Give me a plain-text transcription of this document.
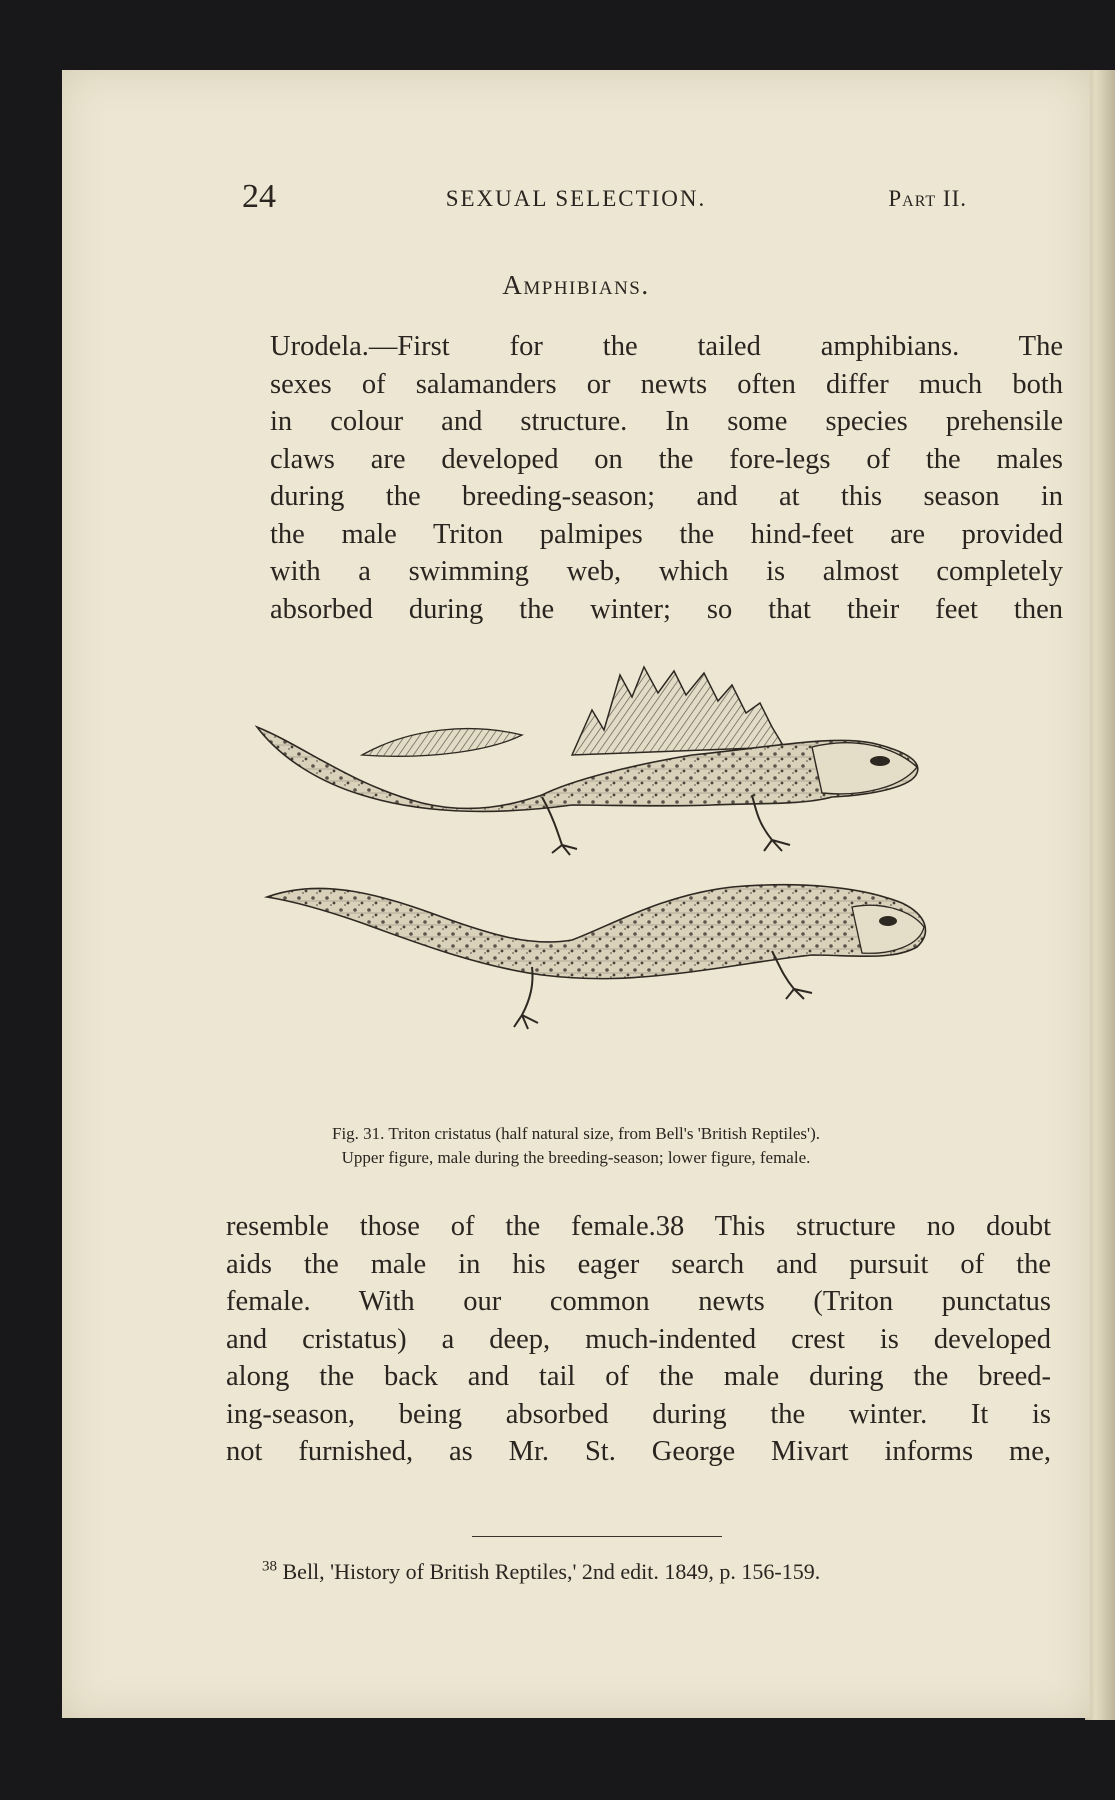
24	SEXUAL SELECTION.	Part II.
Amphibians.
Urodela.—First for the tailed amphibians. The
sexes of salamanders or newts often differ much both
in colour and structure. In some species prehensile
claws are developed on the fore-legs of the males
during the breeding-season; and at this season in
the male Triton palmipes the hind-feet are provided
with a swimming web, which is almost completely
absorbed during the winter; so that their feet then
Fig. 31. Triton cristatus (half natural size, from Bell's 'British Reptiles').
Upper figure, male during the breeding-season; lower figure, female.
resemble those of the female.38 This structure no doubt
aids the male in his eager search and pursuit of the
female. With our common newts (Triton punctatus
and cristatus) a deep, much-indented crest is developed
along the back and tail of the male during the breed-
ing-season, being absorbed during the winter. It is
not furnished, as Mr. St. George Mivart informs me,
$^{38}$ Bell, 'History of British Reptiles,' 2nd edit. 1849, p. 156-159.
